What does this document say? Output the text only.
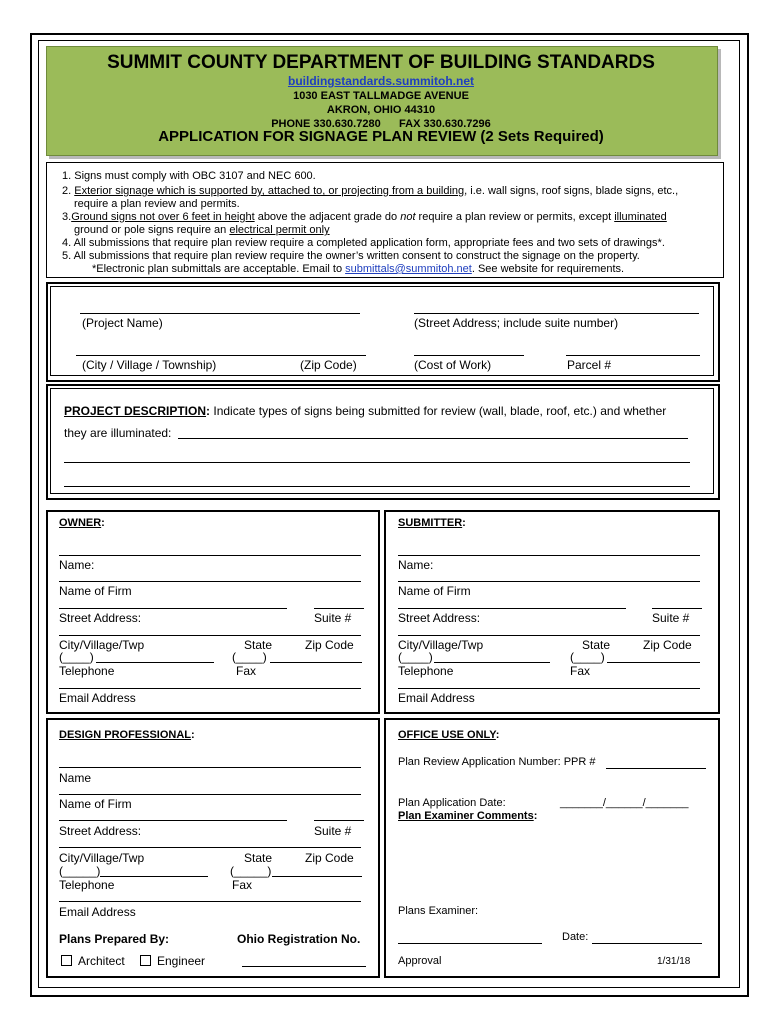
SUMMIT COUNTY DEPARTMENT OF BUILDING STANDARDS
buildingstandards.summitoh.net
1030 EAST TALLMADGE AVENUE
AKRON, OHIO 44310
PHONE 330.630.7280      FAX 330.630.7296
APPLICATION FOR SIGNAGE PLAN REVIEW (2 Sets Required)
1. Signs must comply with OBC 3107 and NEC 600.
2. Exterior signage which is supported by, attached to, or projecting from a building, i.e. wall signs, roof signs, blade signs, etc.,
require a plan review and permits.
3.Ground signs not over 6 feet in height above the adjacent grade do not require a plan review or permits, except illuminated
ground or pole signs require an electrical permit only
4. All submissions that require plan review require a completed application form, appropriate fees and two sets of drawings*.
5. All submissions that require plan review require the owner’s written consent to construct the signage on the property.
*Electronic plan submittals are acceptable. Email to submittals@summitoh.net. See website for requirements.
(Project Name)	(Street Address; include suite number)
(City / Village / Township)	(Zip Code)	(Cost of Work)	Parcel #
PROJECT DESCRIPTION: Indicate types of signs being submitted for review (wall, blade, roof, etc.) and whether
they are illuminated:
OWNER:
Name:
Name of Firm
Street Address:	Suite #
City/Village/Twp	State	Zip Code
(____)	(____)
Telephone	Fax
Email Address
SUBMITTER:
Name:
Name of Firm
Street Address:	Suite #
City/Village/Twp	State	Zip Code
(____)	(____)
Telephone	Fax
Email Address
DESIGN PROFESSIONAL:
Name
Name of Firm
Street Address:	Suite #
City/Village/Twp	State	Zip Code
(_____)	(_____)
Telephone	Fax
Email Address
Plans Prepared By:	Ohio Registration No.
Architect	Engineer
OFFICE USE ONLY:
Plan Review Application Number: PPR #
Plan Application Date:	_______/______/_______
Plan Examiner Comments:
Plans Examiner:
Date:
Approval	1/31/18
